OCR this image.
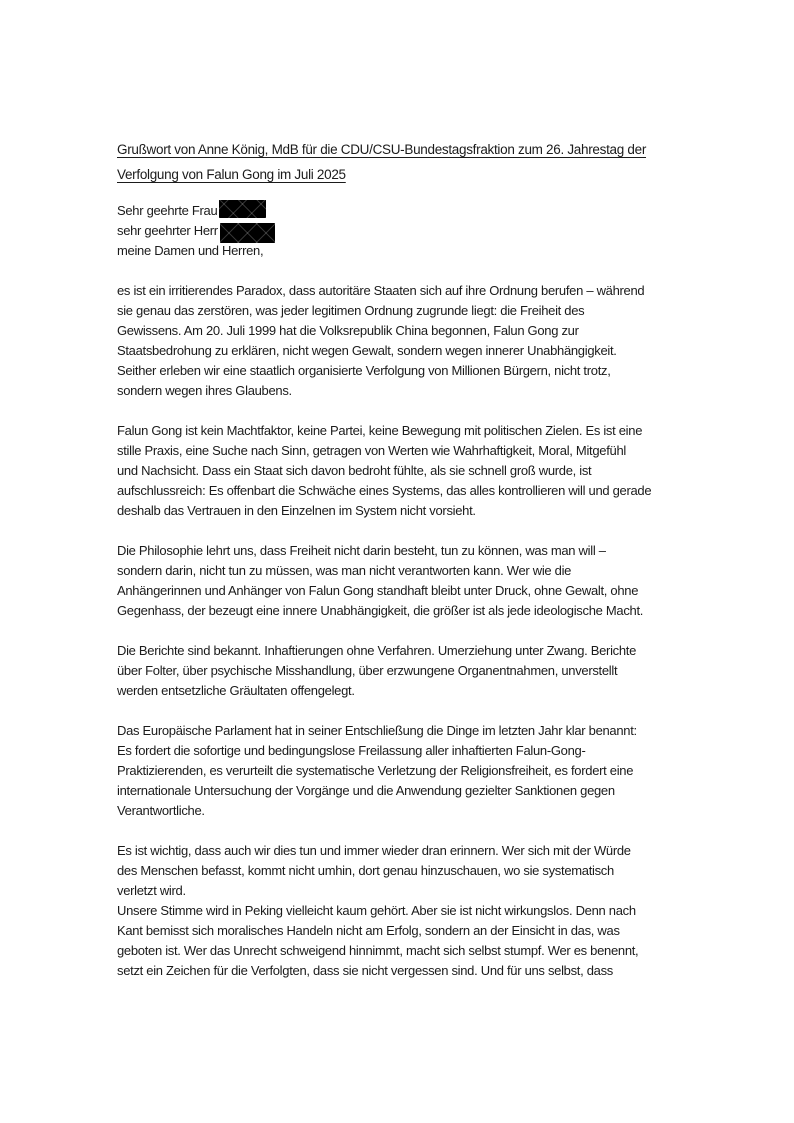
Grußwort von Anne König, MdB für die CDU/CSU-Bundestagsfraktion zum 26. Jahrestag der
Verfolgung von Falun Gong im Juli 2025
Sehr geehrte Frau
sehr geehrter Herr
meine Damen und Herren,

es ist ein irritierendes Paradox, dass autoritäre Staaten sich auf ihre Ordnung berufen – während
sie genau das zerstören, was jeder legitimen Ordnung zugrunde liegt: die Freiheit des
Gewissens. Am 20. Juli 1999 hat die Volksrepublik China begonnen, Falun Gong zur
Staatsbedrohung zu erklären, nicht wegen Gewalt, sondern wegen innerer Unabhängigkeit.
Seither erleben wir eine staatlich organisierte Verfolgung von Millionen Bürgern, nicht trotz,
sondern wegen ihres Glaubens.

Falun Gong ist kein Machtfaktor, keine Partei, keine Bewegung mit politischen Zielen. Es ist eine
stille Praxis, eine Suche nach Sinn, getragen von Werten wie Wahrhaftigkeit, Moral, Mitgefühl
und Nachsicht. Dass ein Staat sich davon bedroht fühlte, als sie schnell groß wurde, ist
aufschlussreich: Es offenbart die Schwäche eines Systems, das alles kontrollieren will und gerade
deshalb das Vertrauen in den Einzelnen im System nicht vorsieht.

Die Philosophie lehrt uns, dass Freiheit nicht darin besteht, tun zu können, was man will –
sondern darin, nicht tun zu müssen, was man nicht verantworten kann. Wer wie die
Anhängerinnen und Anhänger von Falun Gong standhaft bleibt unter Druck, ohne Gewalt, ohne
Gegenhass, der bezeugt eine innere Unabhängigkeit, die größer ist als jede ideologische Macht.

Die Berichte sind bekannt. Inhaftierungen ohne Verfahren. Umerziehung unter Zwang. Berichte
über Folter, über psychische Misshandlung, über erzwungene Organentnahmen, unverstellt
werden entsetzliche Gräultaten offengelegt.

Das Europäische Parlament hat in seiner Entschließung die Dinge im letzten Jahr klar benannt:
Es fordert die sofortige und bedingungslose Freilassung aller inhaftierten Falun-Gong-
Praktizierenden, es verurteilt die systematische Verletzung der Religionsfreiheit, es fordert eine
internationale Untersuchung der Vorgänge und die Anwendung gezielter Sanktionen gegen
Verantwortliche.

Es ist wichtig, dass auch wir dies tun und immer wieder dran erinnern. Wer sich mit der Würde
des Menschen befasst, kommt nicht umhin, dort genau hinzuschauen, wo sie systematisch
verletzt wird.
Unsere Stimme wird in Peking vielleicht kaum gehört. Aber sie ist nicht wirkungslos. Denn nach
Kant bemisst sich moralisches Handeln nicht am Erfolg, sondern an der Einsicht in das, was
geboten ist. Wer das Unrecht schweigend hinnimmt, macht sich selbst stumpf. Wer es benennt,
setzt ein Zeichen für die Verfolgten, dass sie nicht vergessen sind. Und für uns selbst, dass
